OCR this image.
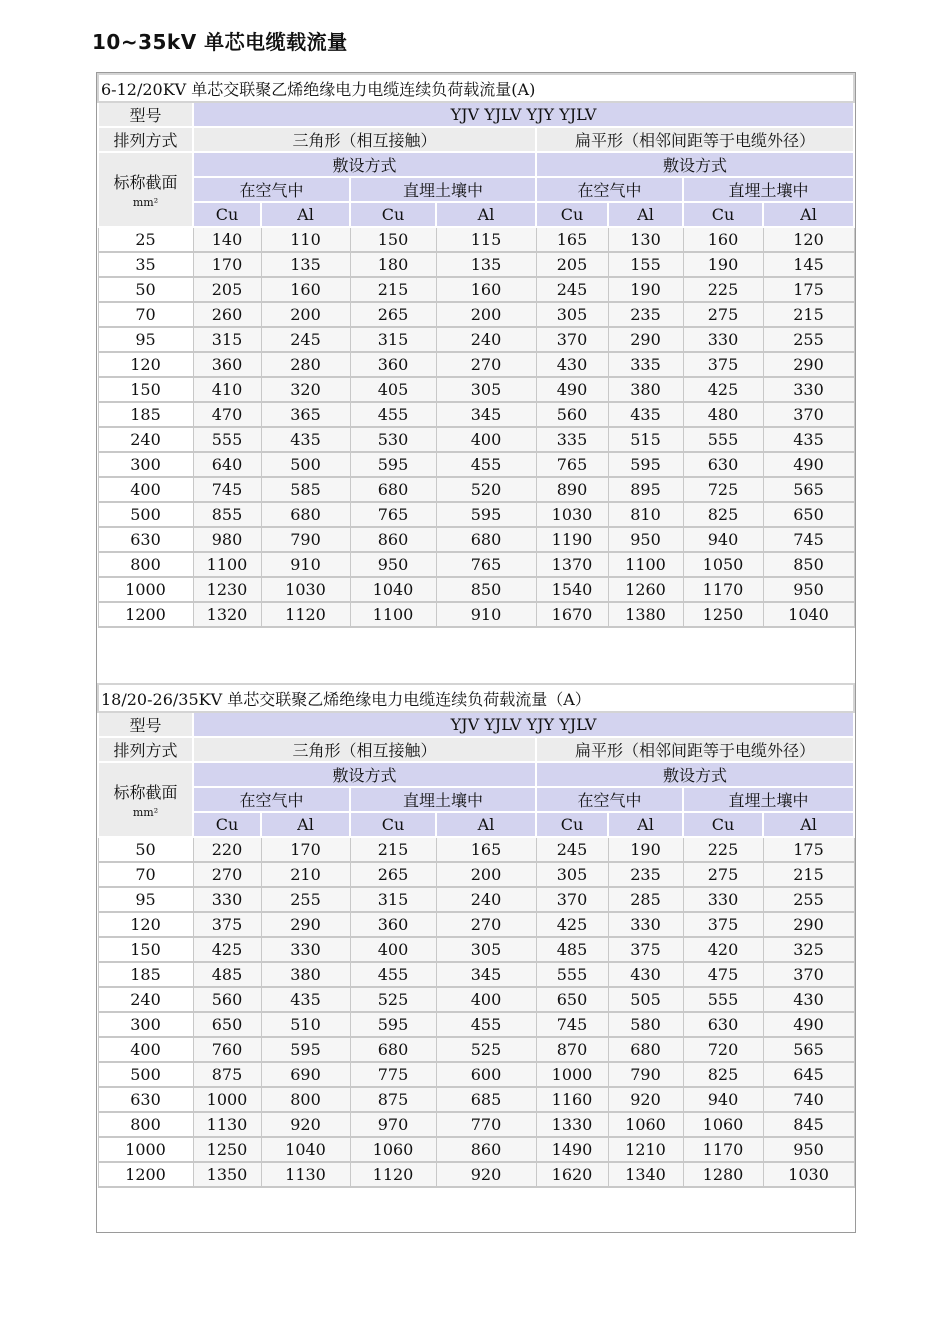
10~35kV 单芯电缆载流量
6-12/20KV 单芯交联聚乙烯绝缘电力电缆连续负荷载流量(A)								
型号	YJV YJLV YJY YJLV							
排列方式	三角形（相互接触）				扁平形（相邻间距等于电缆外径）			
标称截面
mm²	敷设方式				敷设方式			
	在空气中		直埋土壤中		在空气中		直埋土壤中	
	Cu	Al	Cu	Al	Cu	Al	Cu	Al
25	140	110	150	115	165	130	160	120
35	170	135	180	135	205	155	190	145
50	205	160	215	160	245	190	225	175
70	260	200	265	200	305	235	275	215
95	315	245	315	240	370	290	330	255
120	360	280	360	270	430	335	375	290
150	410	320	405	305	490	380	425	330
185	470	365	455	345	560	435	480	370
240	555	435	530	400	335	515	555	435
300	640	500	595	455	765	595	630	490
400	745	585	680	520	890	895	725	565
500	855	680	765	595	1030	810	825	650
630	980	790	860	680	1190	950	940	745
800	1100	910	950	765	1370	1100	1050	850
1000	1230	1030	1040	850	1540	1260	1170	950
1200	1320	1120	1100	910	1670	1380	1250	1040
18/20-26/35KV 单芯交联聚乙烯绝缘电力电缆连续负荷载流量（A）								
型号	YJV YJLV YJY YJLV							
排列方式	三角形（相互接触）				扁平形（相邻间距等于电缆外径）			
标称截面
mm²	敷设方式				敷设方式			
	在空气中		直埋土壤中		在空气中		直埋土壤中	
	Cu	Al	Cu	Al	Cu	Al	Cu	Al
50	220	170	215	165	245	190	225	175
70	270	210	265	200	305	235	275	215
95	330	255	315	240	370	285	330	255
120	375	290	360	270	425	330	375	290
150	425	330	400	305	485	375	420	325
185	485	380	455	345	555	430	475	370
240	560	435	525	400	650	505	555	430
300	650	510	595	455	745	580	630	490
400	760	595	680	525	870	680	720	565
500	875	690	775	600	1000	790	825	645
630	1000	800	875	685	1160	920	940	740
800	1130	920	970	770	1330	1060	1060	845
1000	1250	1040	1060	860	1490	1210	1170	950
1200	1350	1130	1120	920	1620	1340	1280	1030
